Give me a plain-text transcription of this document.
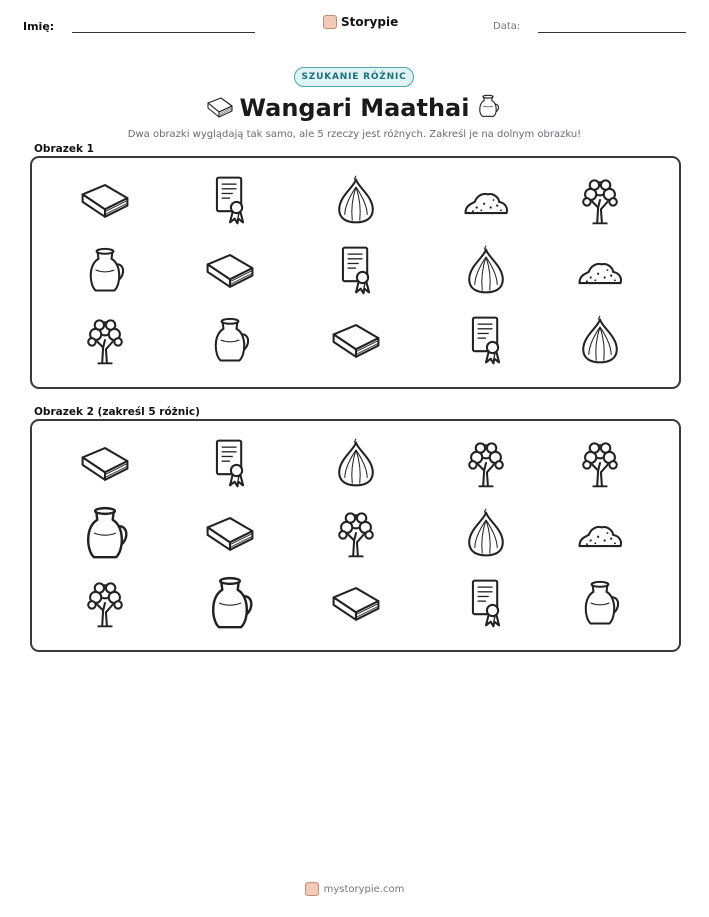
Imię:	Storypie	Data:
SZUKANIE RÓŻNIC
Wangari Maathai
Dwa obrazki wyglądają tak samo, ale 5 rzeczy jest różnych. Zakreśl je na dolnym obrazku!
Obrazek 1
Obrazek 2 (zakreśl 5 różnic)
mystorypie.com
